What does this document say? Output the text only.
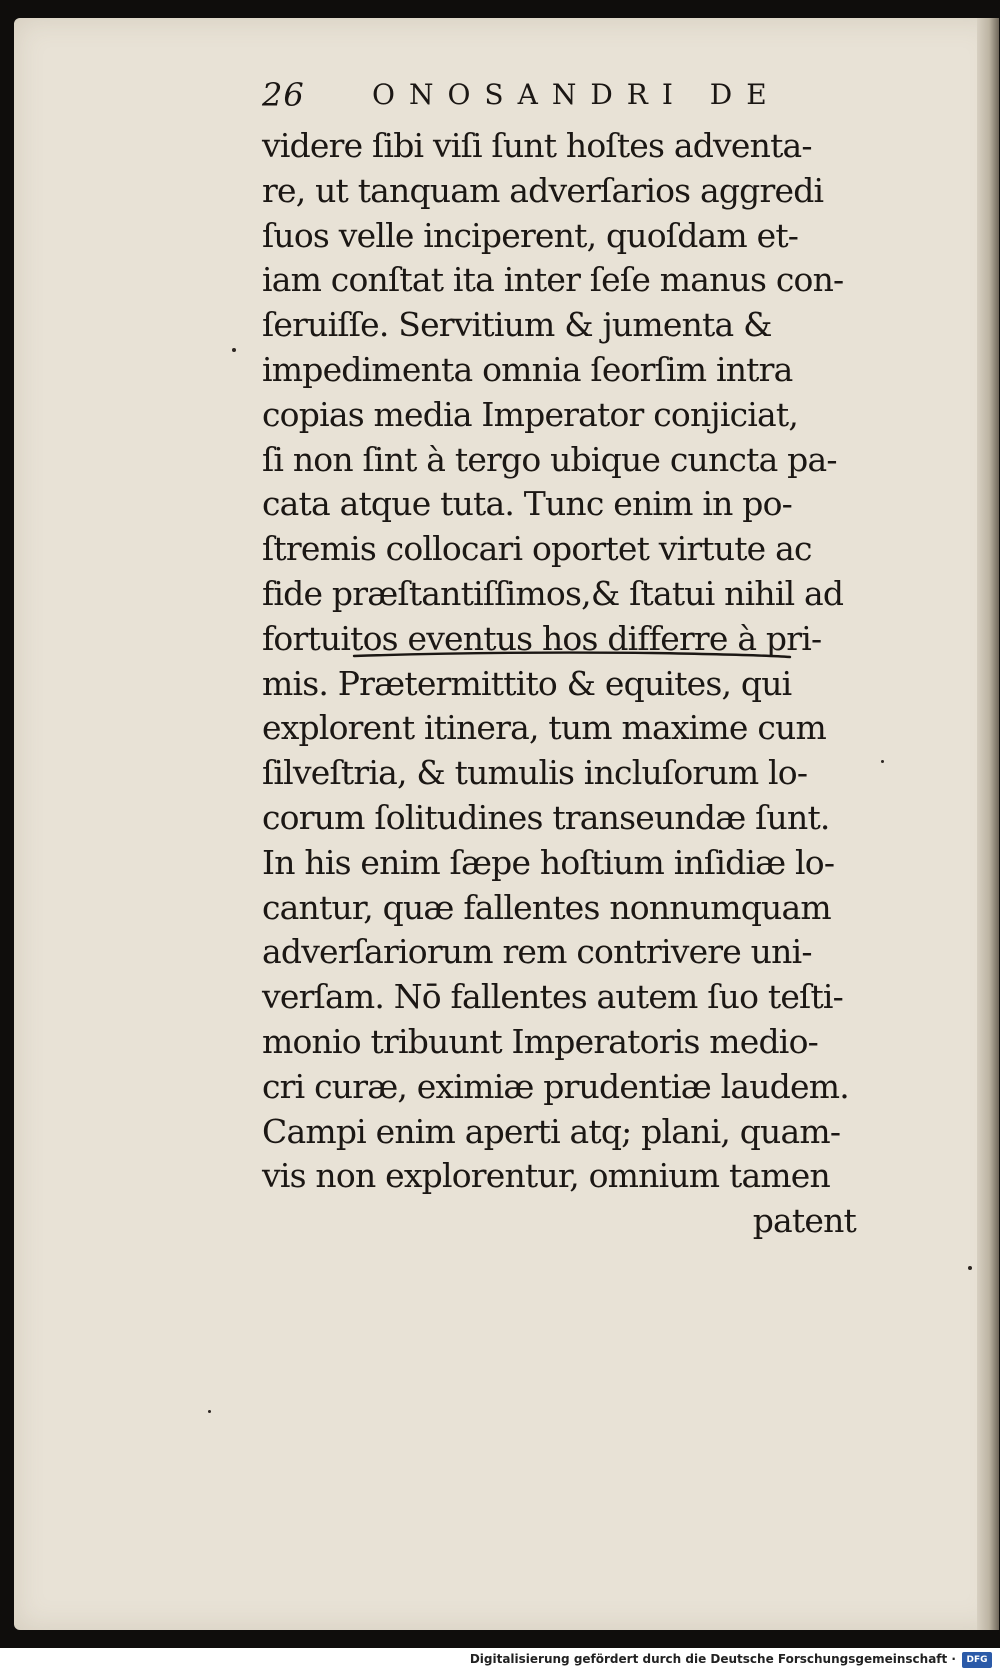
26 ONOSANDRI DE
videre ſibi viſi ſunt hoſtes adventa-
re, ut tanquam adverſarios aggredi
ſuos velle inciperent, quoſdam et-
iam conſtat ita inter ſeſe manus con-
ſeruiſſe. Servitium & jumenta &
impedimenta omnia ſeorſim intra
copias media Imperator conjiciat,
ſi non ſint à tergo ubique cuncta pa-
cata atque tuta. Tunc enim in po-
ſtremis collocari oportet virtute ac
fide præſtantiſſimos,& ſtatui nihil ad
fortuitos eventus hos differre à pri-
mis. Prætermittito & equites, qui
explorent itinera, tum maxime cum
ſilveſtria, & tumulis incluſorum lo-
corum ſolitudines transeundæ ſunt.
In his enim ſæpe hoſtium inſidiæ lo-
cantur, quæ fallentes nonnumquam
adverſariorum rem contrivere uni-
verſam. Nō fallentes autem ſuo teſti-
monio tribuunt Imperatoris medio-
cri curæ, eximiæ prudentiæ laudem.
Campi enim aperti atq; plani, quam-
vis non explorentur, omnium tamen
patent
Digitalisierung gefördert durch die Deutsche Forschungsgemeinschaft ·	DFG
